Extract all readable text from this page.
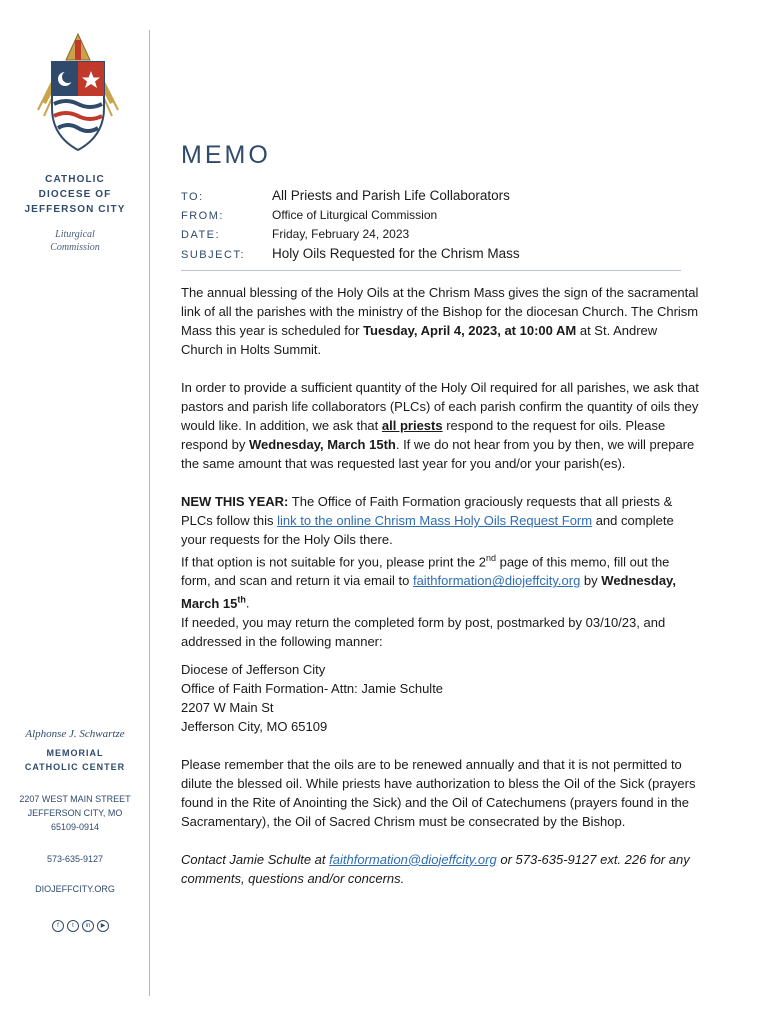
CATHOLIC
DIOCESE OF
JEFFERSON CITY
Liturgical
Commission
Alphonse J. Schwartze
MEMORIAL
CATHOLIC CENTER
2207 WEST MAIN STREET
JEFFERSON CITY, MO
65109-0914
573-635-9127
DIOJEFFCITY.ORG
f	t	in	▶
MEMO
TO:	All Priests and Parish Life Collaborators
FROM:	Office of Liturgical Commission
DATE:	Friday, February 24, 2023
SUBJECT:	Holy Oils Requested for the Chrism Mass

The annual blessing of the Holy Oils at the Chrism Mass gives the sign of the sacramental link of all the parishes with the ministry of the Bishop for the diocesan Church. The Chrism Mass this year is scheduled for Tuesday, April 4, 2023, at 10:00 AM at St. Andrew Church in Holts Summit.

In order to provide a sufficient quantity of the Holy Oil required for all parishes, we ask that pastors and parish life collaborators (PLCs) of each parish confirm the quantity of oils they would like. In addition, we ask that all priests respond to the request for oils. Please respond by Wednesday, March 15th. If we do not hear from you by then, we will prepare the same amount that was requested last year for you and/or your parish(es).

NEW THIS YEAR: The Office of Faith Formation graciously requests that all priests & PLCs follow this link to the online Chrism Mass Holy Oils Request Form and complete your requests for the Holy Oils there.

If that option is not suitable for you, please print the 2nd page of this memo, fill out the form, and scan and return it via email to faithformation@diojeffcity.org by Wednesday, March 15th.

If needed, you may return the completed form by post, postmarked by 03/10/23, and addressed in the following manner:

Diocese of Jefferson City
Office of Faith Formation- Attn: Jamie Schulte
2207 W Main St
Jefferson City, MO 65109

Please remember that the oils are to be renewed annually and that it is not permitted to dilute the blessed oil. While priests have authorization to bless the Oil of the Sick (prayers found in the Rite of Anointing the Sick) and the Oil of Catechumens (prayers found in the Sacramentary), the Oil of Sacred Chrism must be consecrated by the Bishop.

Contact Jamie Schulte at faithformation@diojeffcity.org or 573-635-9127 ext. 226 for any comments, questions and/or concerns.
